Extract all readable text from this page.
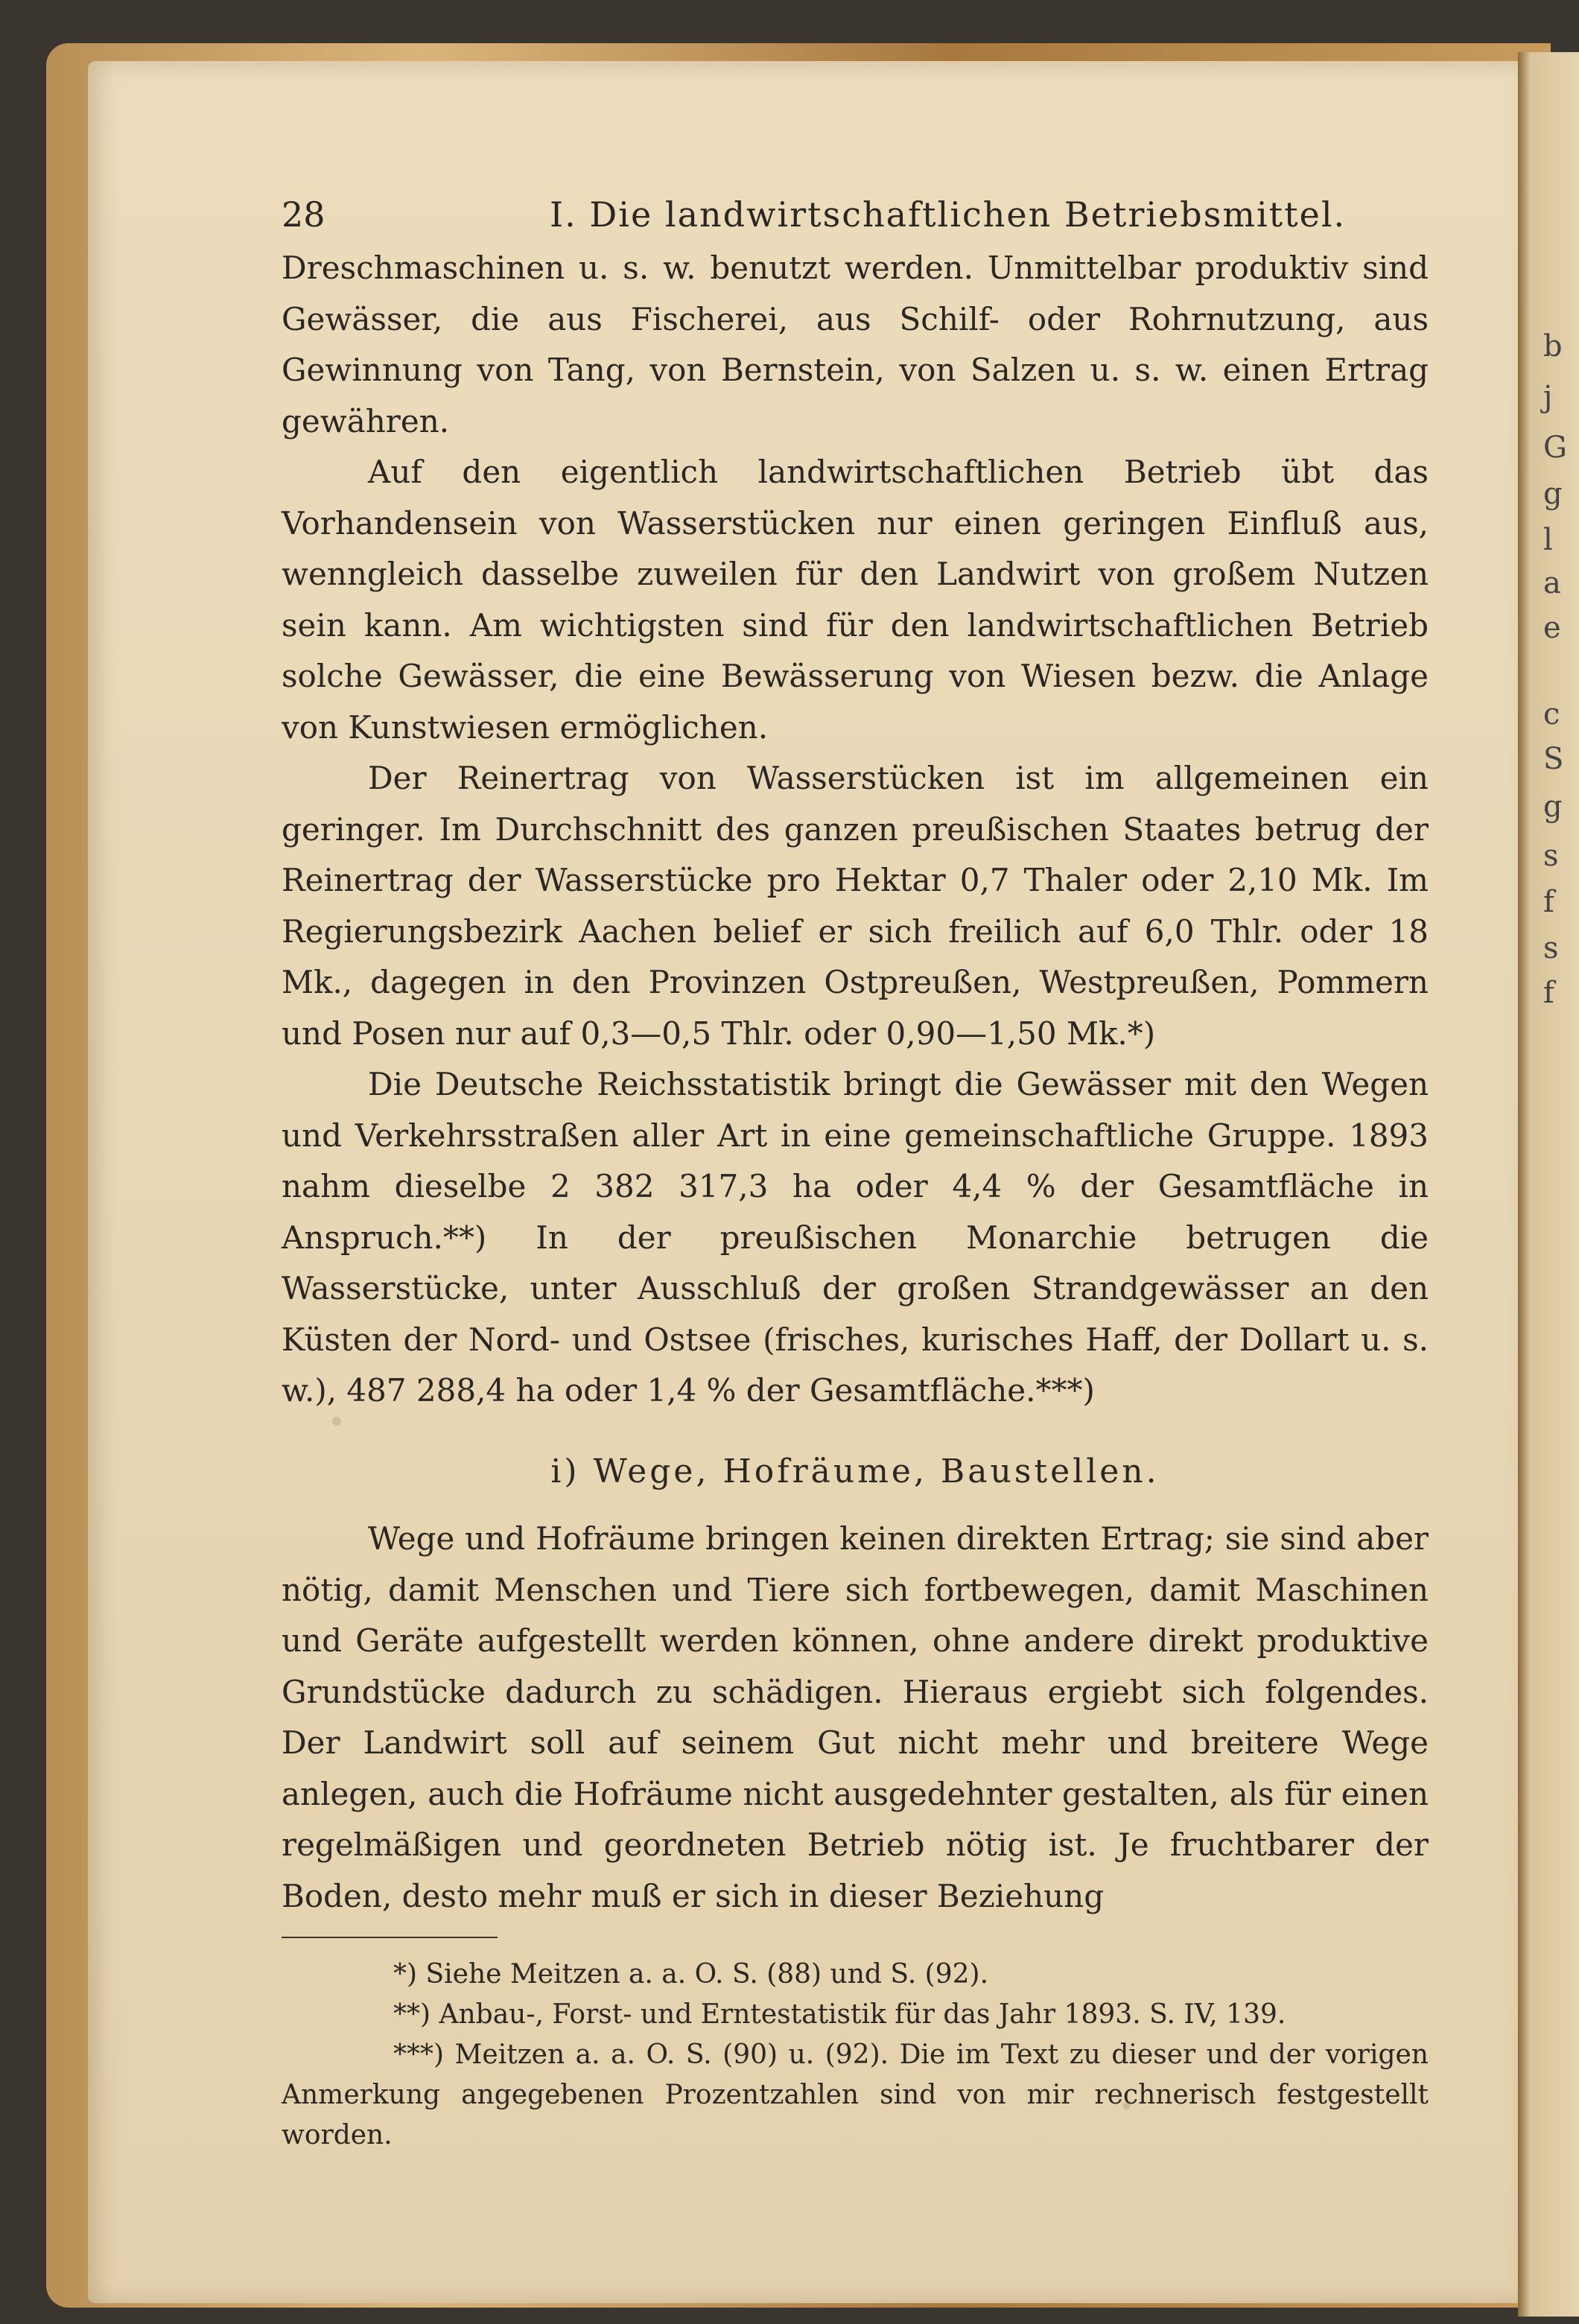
b
j
G
g
l
a
e
c
S
g
s
f
s
f
28	I. Die landwirtschaftlichen Betriebsmittel.

Dreschmaschinen u. s. w. benutzt werden. Unmittelbar produktiv sind Gewässer, die aus Fischerei, aus Schilf- oder Rohrnutzung, aus Gewinnung von Tang, von Bernstein, von Salzen u. s. w. einen Ertrag gewähren.

Auf den eigentlich landwirtschaftlichen Betrieb übt das Vorhandensein von Wasserstücken nur einen geringen Einfluß aus, wenngleich dasselbe zuweilen für den Landwirt von großem Nutzen sein kann. Am wichtigsten sind für den landwirtschaftlichen Betrieb solche Gewässer, die eine Bewässerung von Wiesen bezw. die Anlage von Kunstwiesen ermöglichen.

Der Reinertrag von Wasserstücken ist im allgemeinen ein geringer. Im Durchschnitt des ganzen preußischen Staates betrug der Reinertrag der Wasserstücke pro Hektar 0,7 Thaler oder 2,10 Mk. Im Regierungsbezirk Aachen belief er sich freilich auf 6,0 Thlr. oder 18 Mk., dagegen in den Provinzen Ostpreußen, Westpreußen, Pommern und Posen nur auf 0,3—0,5 Thlr. oder 0,90—1,50 Mk.*)

Die Deutsche Reichsstatistik bringt die Gewässer mit den Wegen und Verkehrsstraßen aller Art in eine gemeinschaftliche Gruppe. 1893 nahm dieselbe 2 382 317,3 ha oder 4,4 % der Gesamtfläche in Anspruch.**) In der preußischen Monarchie betrugen die Wasserstücke, unter Ausschluß der großen Strandgewässer an den Küsten der Nord- und Ostsee (frisches, kurisches Haff, der Dollart u. s. w.), 487 288,4 ha oder 1,4 % der Gesamtfläche.***)

i) Wege, Hofräume, Baustellen.

Wege und Hofräume bringen keinen direkten Ertrag; sie sind aber nötig, damit Menschen und Tiere sich fortbewegen, damit Maschinen und Geräte aufgestellt werden können, ohne andere direkt produktive Grundstücke dadurch zu schädigen. Hieraus ergiebt sich folgendes. Der Landwirt soll auf seinem Gut nicht mehr und breitere Wege anlegen, auch die Hofräume nicht ausgedehnter gestalten, als für einen regelmäßigen und geordneten Betrieb nötig ist. Je fruchtbarer der Boden, desto mehr muß er sich in dieser Beziehung

*) Siehe Meitzen a. a. O. S. (88) und S. (92).

**) Anbau-, Forst- und Erntestatistik für das Jahr 1893. S. IV, 139.

***) Meitzen a. a. O. S. (90) u. (92). Die im Text zu dieser und der vorigen Anmerkung angegebenen Prozentzahlen sind von mir rechnerisch festgestellt worden.
